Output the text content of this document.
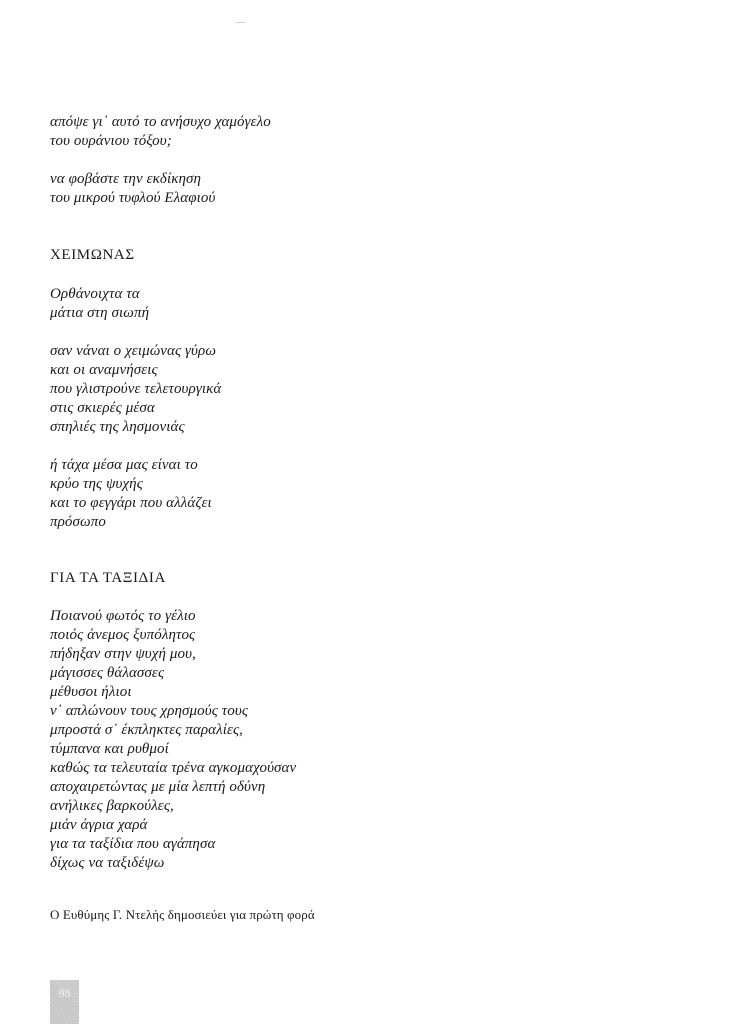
απόψε γι᾿ αυτό το ανήσυχο χαμόγελο
του ουράνιου τόξου;
να φοβάστε την εκδίκηση
του μικρού τυφλού Ελαφιού
ΧΕΙΜΩΝΑΣ
Ορθάνοιχτα τα
μάτια στη σιωπή
σαν νάναι ο χειμώνας γύρω
και οι αναμνήσεις
που γλιστρούνε τελετουργικά
στις σκιερές μέσα
σπηλιές της λησμονιάς
ή τάχα μέσα μας είναι το
κρύο της ψυχής
και το φεγγάρι που αλλάζει
πρόσωπο
ΓΙΑ ΤΑ ΤΑΞΙΔΙΑ
Ποιανού φωτός το γέλιο
ποιός άνεμος ξυπόλητος
πήδηξαν στην ψυχή μου,
μάγισσες θάλασσες
μέθυσοι ήλιοι
ν᾿ απλώνουν τους χρησμούς τους
μπροστά σ᾿ έκπληκτες παραλίες,
τύμπανα και ρυθμοί
καθώς τα τελευταία τρένα αγκομαχούσαν
αποχαιρετώντας με μία λεπτή οδύνη
ανήλικες βαρκούλες,
μιάν άγρια χαρά
για τα ταξίδια που αγάπησα
δίχως να ταξιδέψω
Ο Ευθύμης Γ. Ντελής δημοσιεύει για πρώτη φορά
98
